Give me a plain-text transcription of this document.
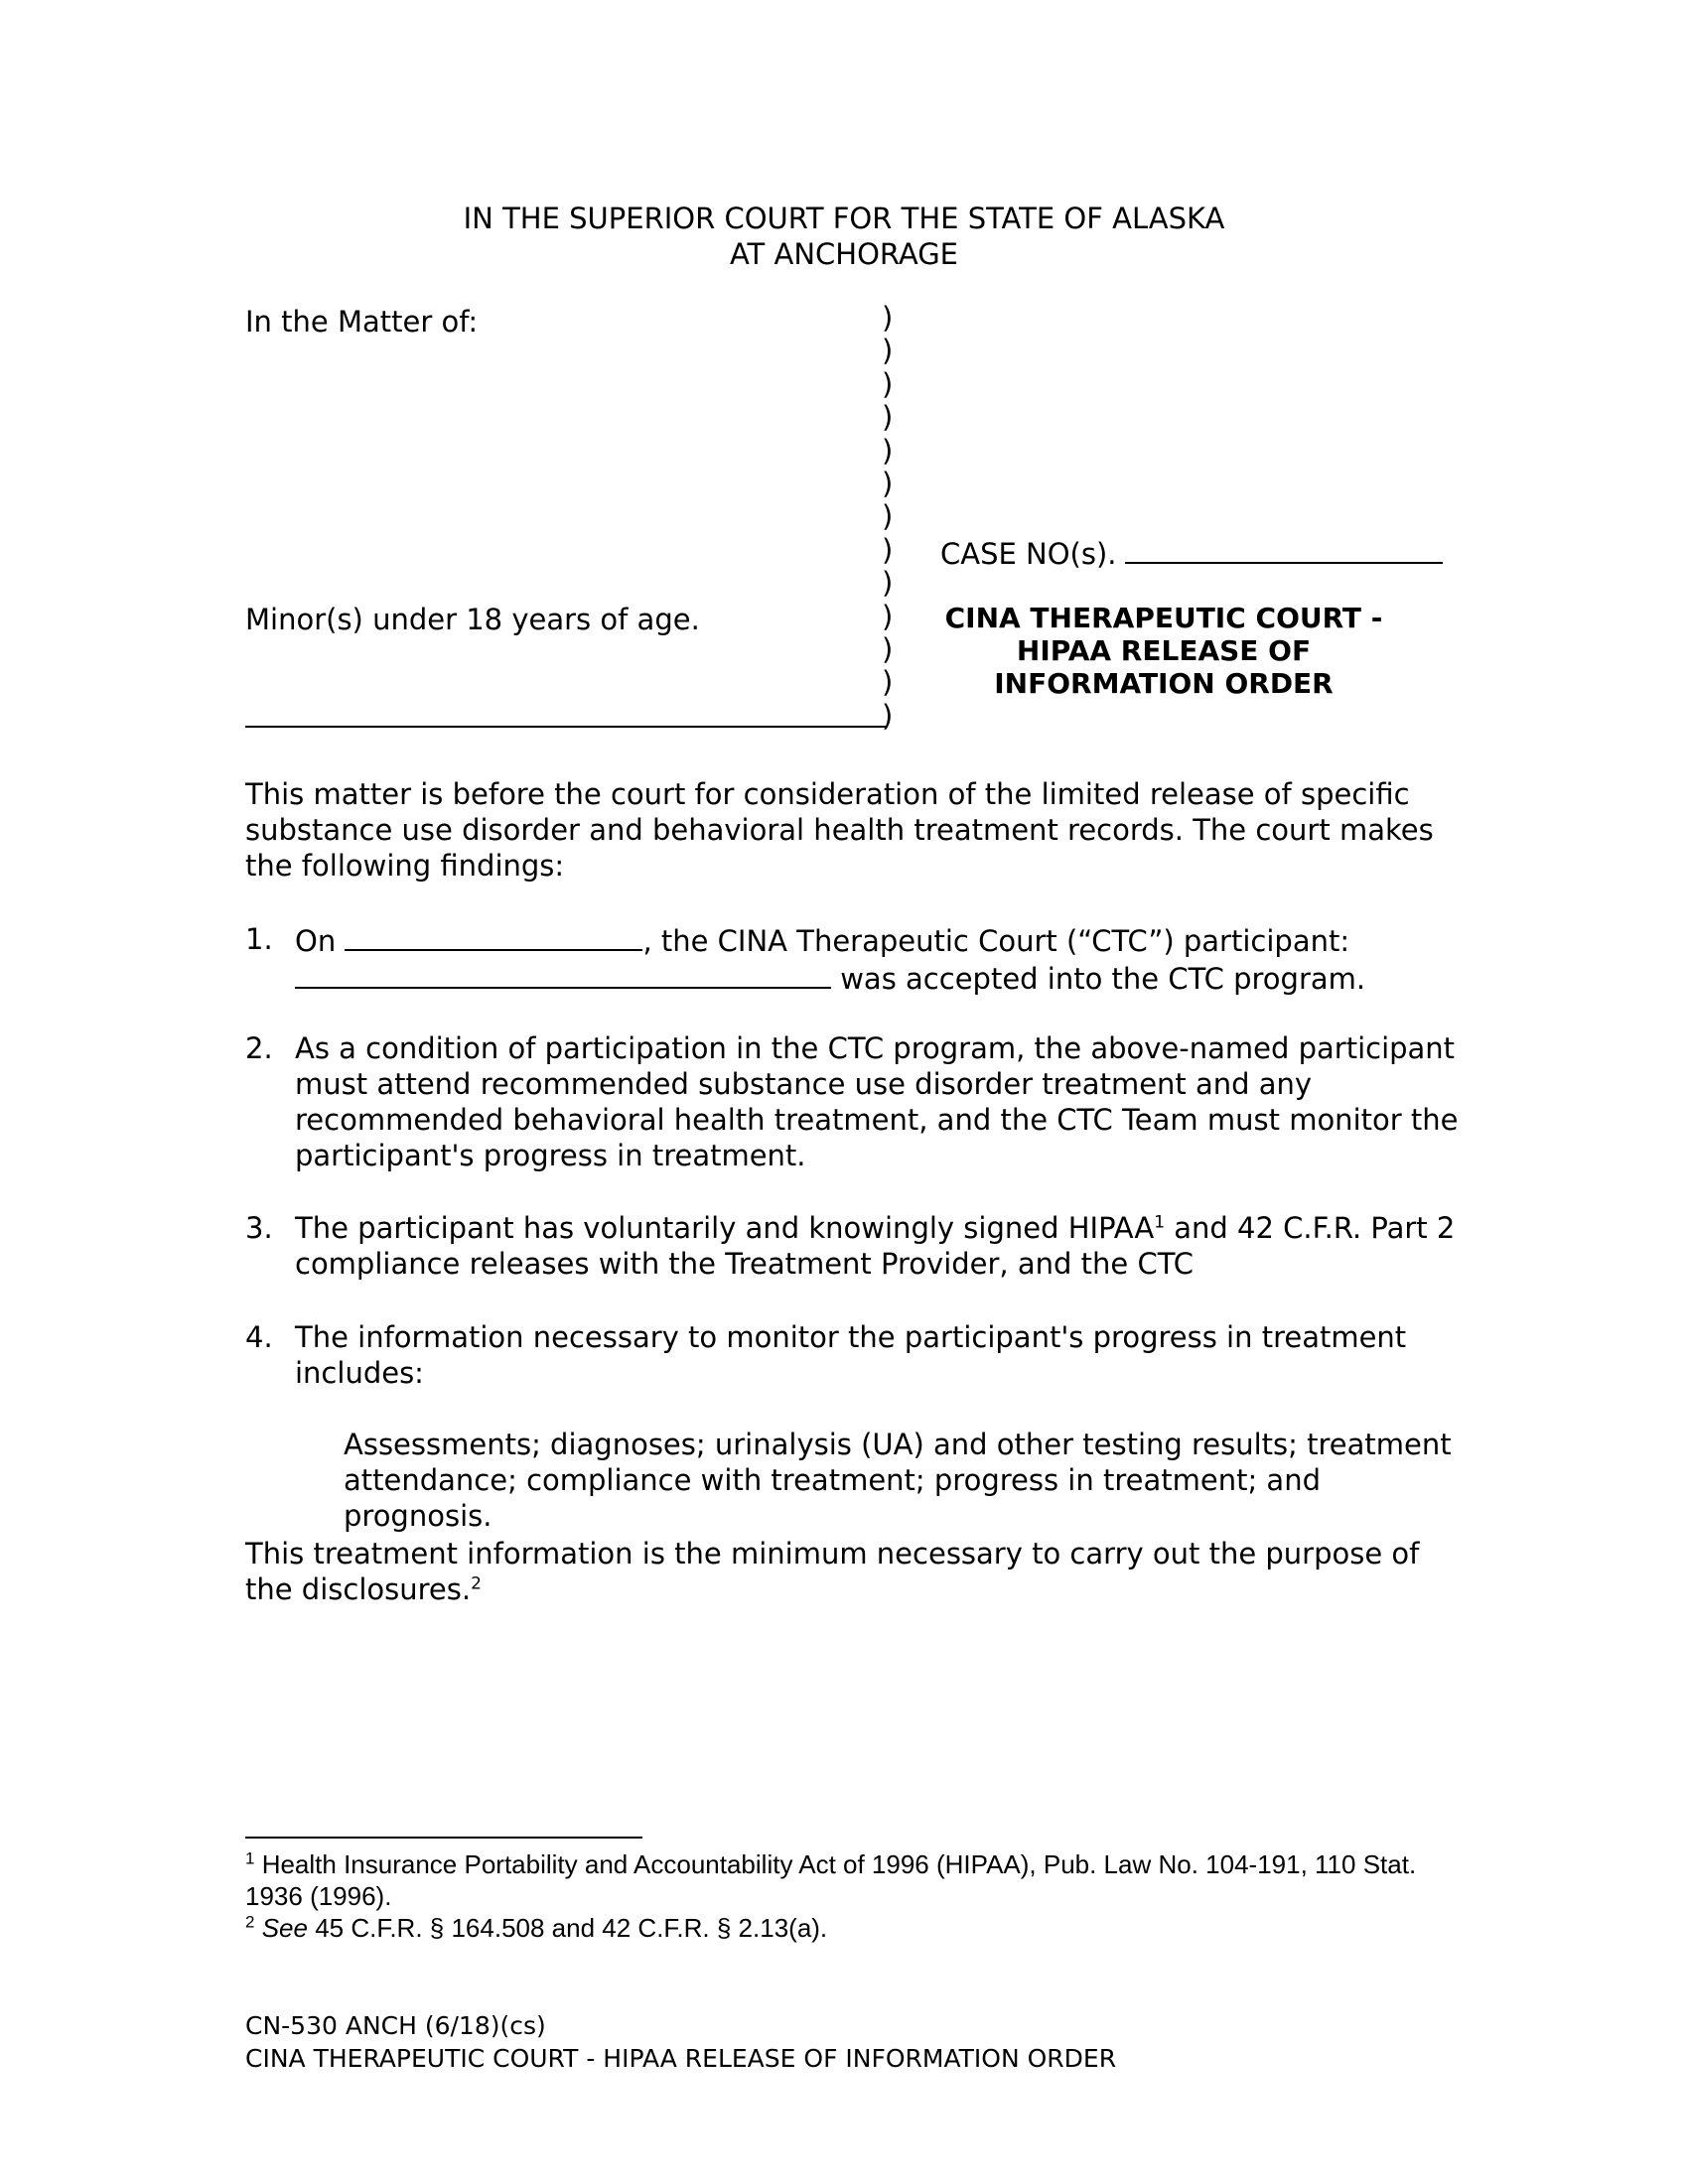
IN THE SUPERIOR COURT FOR THE STATE OF ALASKA
AT ANCHORAGE
In the Matter of:
Minor(s) under 18 years of age.
)
)
)
)
)
)
)
)
)
)
)
)
)
CASE NO(s).
CINA THERAPEUTIC COURT -
HIPAA RELEASE OF
INFORMATION ORDER
This matter is before the court for consideration of the limited release of specific substance use disorder and behavioral health treatment records. The court makes the following findings:
1. On	, the CINA Therapeutic Court (“CTC”) participant:
was accepted into the CTC program.
2. As a condition of participation in the CTC program, the above-named participant must attend recommended substance use disorder treatment and any recommended behavioral health treatment, and the CTC Team must monitor the participant's progress in treatment.
3. The participant has voluntarily and knowingly signed HIPAA$^1$ and 42 C.F.R. Part 2 compliance releases with the Treatment Provider, and the CTC
4. The information necessary to monitor the participant's progress in treatment includes:
Assessments; diagnoses; urinalysis (UA) and other testing results; treatment attendance; compliance with treatment; progress in treatment; and prognosis.
This treatment information is the minimum necessary to carry out the purpose of the disclosures.$^2$
$^1$ Health Insurance Portability and Accountability Act of 1996 (HIPAA), Pub. Law No. 104-191, 110 Stat. 1936 (1996).
$^2$ See 45 C.F.R. § 164.508 and 42 C.F.R. § 2.13(a).
CN-530 ANCH (6/18)(cs)
CINA THERAPEUTIC COURT - HIPAA RELEASE OF INFORMATION ORDER
